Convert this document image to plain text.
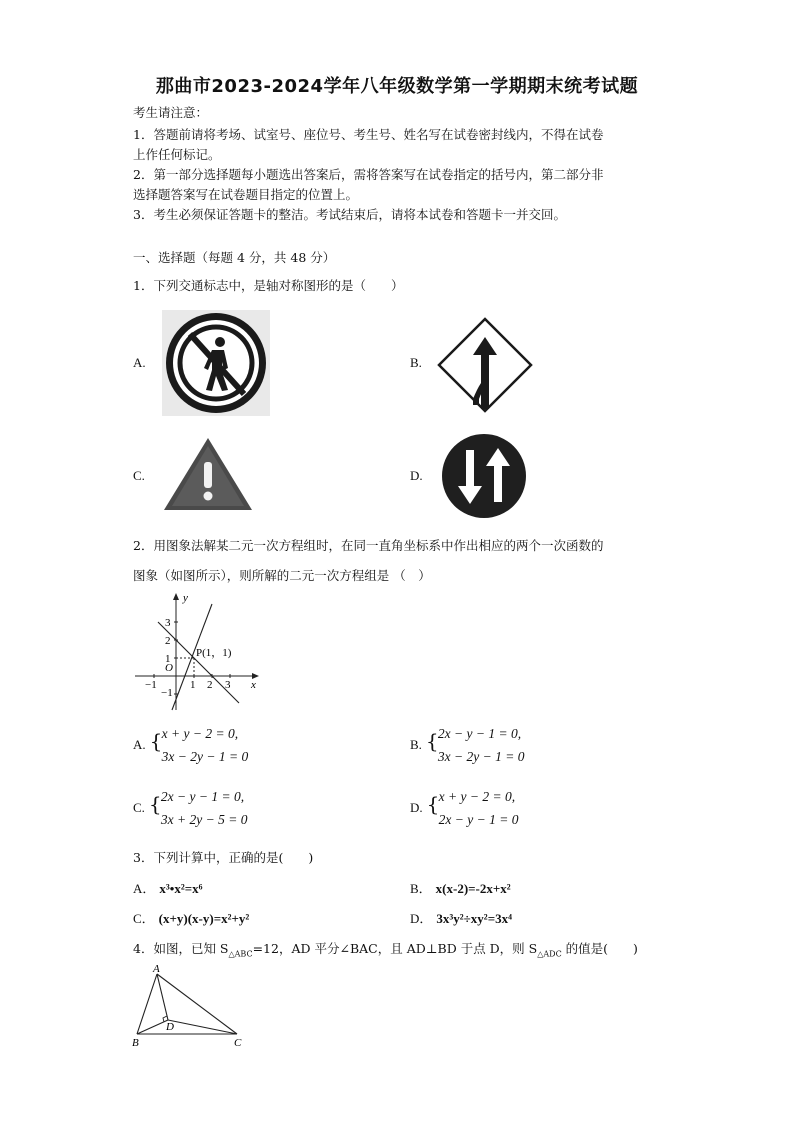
那曲市2023-2024学年八年级数学第一学期期末统考试题

考生请注意：

1．答题前请将考场、试室号、座位号、考生号、姓名写在试卷密封线内，不得在试卷

上作任何标记。

2．第一部分选择题每小题选出答案后，需将答案写在试卷指定的括号内，第二部分非

选择题答案写在试卷题目指定的位置上。

3．考生必须保证答题卡的整洁。考试结束后，请将本试卷和答题卡一并交回。

一、选择题（每题 4 分，共 48 分）
1．下列交通标志中，是轴对称图形的是（　　）
A.	B.
C.	D.
2．用图象法解某二元一次方程组时，在同一直角坐标系中作出相应的两个一次函数的
图象（如图所示），则所解的二元一次方程组是 （　）
y
x
O
P(1，1)
3
2
1
−1
−1	1 2 3
A. { x + y − 2 = 0,
3x − 2y − 1 = 0
B. { 2x − y − 1 = 0,
3x − 2y − 1 = 0
C. { 2x − y − 1 = 0,
3x + 2y − 5 = 0
D. { x + y − 2 = 0,
2x − y − 1 = 0
3．下列计算中，正确的是(　　)
A． x³•x²=x⁶	B． x(x-2)=-2x+x²
C． (x+y)(x-y)=x²+y²	D． 3x³y²÷xy²=3x⁴
4．如图，已知 $S_{\triangle ABC}=12$，AD 平分∠BAC，且 AD⊥BD 于点 D，则 $S_{\triangle ADC}$ 的值是(　　)
A
B	C
D
